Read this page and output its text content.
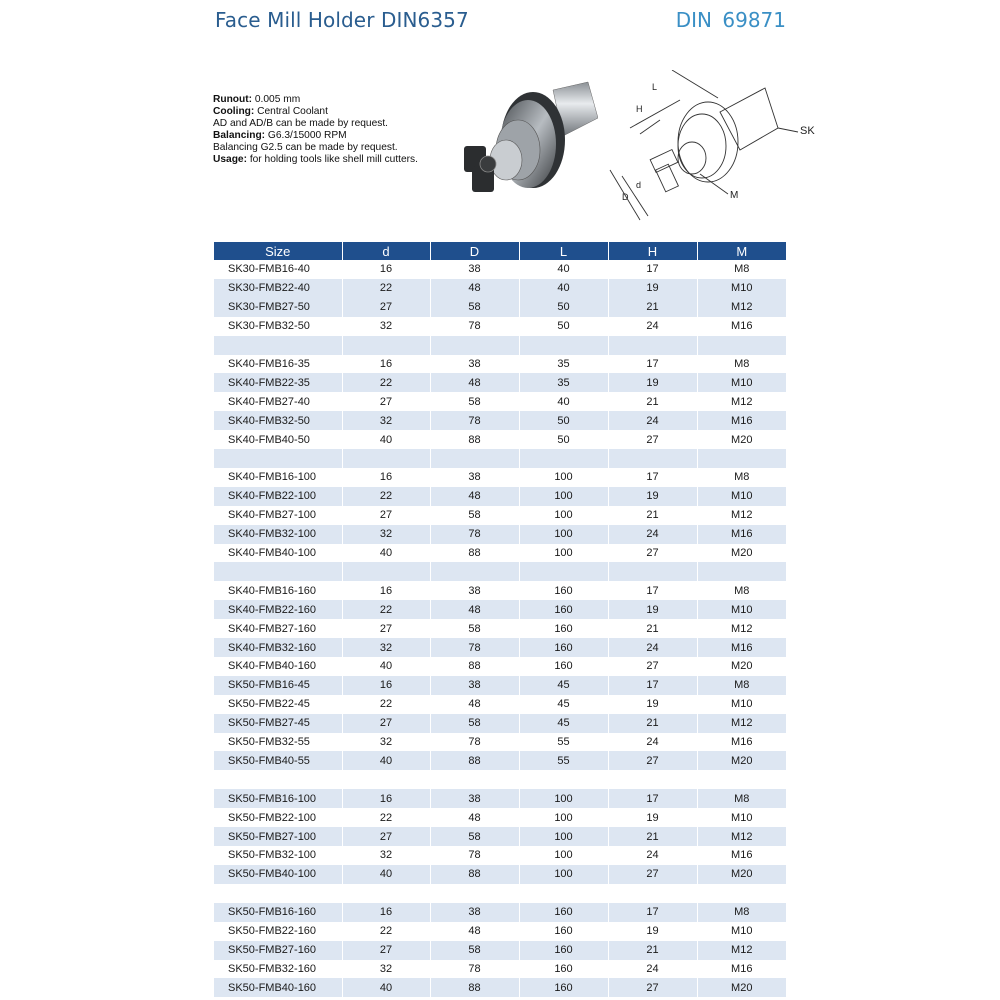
Face Mill Holder DIN6357	DIN 69871
Runout: 0.005 mm
Cooling: Central Coolant
AD and AD/B can be made by request.
Balancing: G6.3/15000 RPM
Balancing G2.5 can be made by request.
Usage: for holding tools like shell mill cutters.
L
H
d
D
SK
M
Size	d	D	L	H	M
SK30-FMB16-40	16	38	40	17	M8
SK30-FMB22-40	22	48	40	19	M10
SK30-FMB27-50	27	58	50	21	M12
SK30-FMB32-50	32	78	50	24	M16

SK40-FMB16-35	16	38	35	17	M8
SK40-FMB22-35	22	48	35	19	M10
SK40-FMB27-40	27	58	40	21	M12
SK40-FMB32-50	32	78	50	24	M16
SK40-FMB40-50	40	88	50	27	M20

SK40-FMB16-100	16	38	100	17	M8
SK40-FMB22-100	22	48	100	19	M10
SK40-FMB27-100	27	58	100	21	M12
SK40-FMB32-100	32	78	100	24	M16
SK40-FMB40-100	40	88	100	27	M20

SK40-FMB16-160	16	38	160	17	M8
SK40-FMB22-160	22	48	160	19	M10
SK40-FMB27-160	27	58	160	21	M12
SK40-FMB32-160	32	78	160	24	M16
SK40-FMB40-160	40	88	160	27	M20
SK50-FMB16-45	16	38	45	17	M8
SK50-FMB22-45	22	48	45	19	M10
SK50-FMB27-45	27	58	45	21	M12
SK50-FMB32-55	32	78	55	24	M16
SK50-FMB40-55	40	88	55	27	M20

SK50-FMB16-100	16	38	100	17	M8
SK50-FMB22-100	22	48	100	19	M10
SK50-FMB27-100	27	58	100	21	M12
SK50-FMB32-100	32	78	100	24	M16
SK50-FMB40-100	40	88	100	27	M20

SK50-FMB16-160	16	38	160	17	M8
SK50-FMB22-160	22	48	160	19	M10
SK50-FMB27-160	27	58	160	21	M12
SK50-FMB32-160	32	78	160	24	M16
SK50-FMB40-160	40	88	160	27	M20
